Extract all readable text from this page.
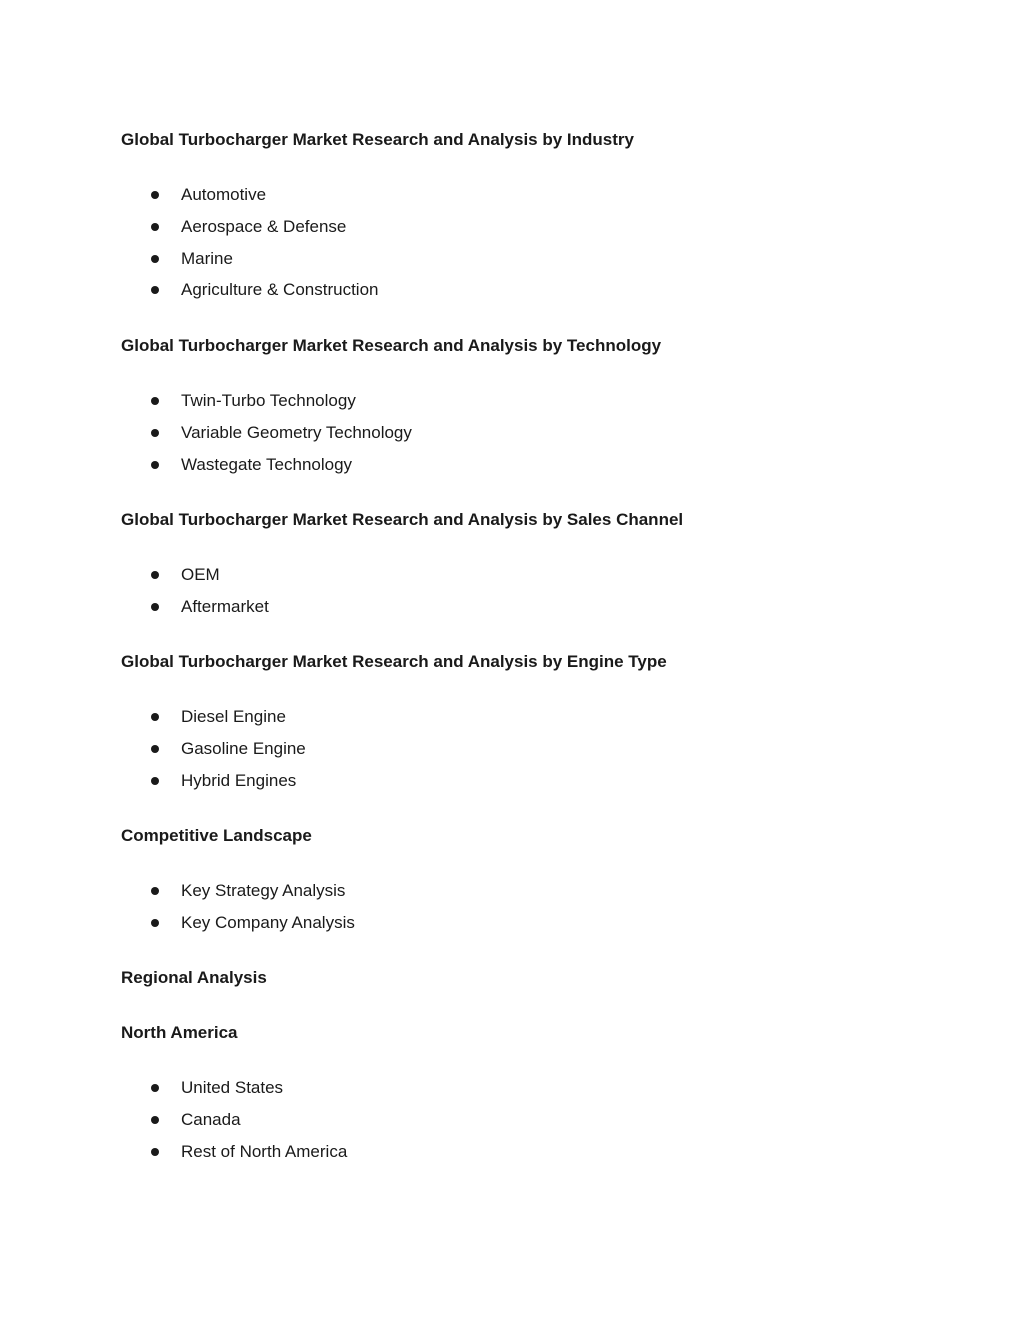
Global Turbocharger Market Research and Analysis by Industry
Automotive
Aerospace & Defense
Marine
Agriculture & Construction
Global Turbocharger Market Research and Analysis by Technology
Twin-Turbo Technology
Variable Geometry Technology
Wastegate Technology
Global Turbocharger Market Research and Analysis by Sales Channel
OEM
Aftermarket
Global Turbocharger Market Research and Analysis by Engine Type
Diesel Engine
Gasoline Engine
Hybrid Engines
Competitive Landscape
Key Strategy Analysis
Key Company Analysis
Regional Analysis
North America
United States
Canada
Rest of North America
